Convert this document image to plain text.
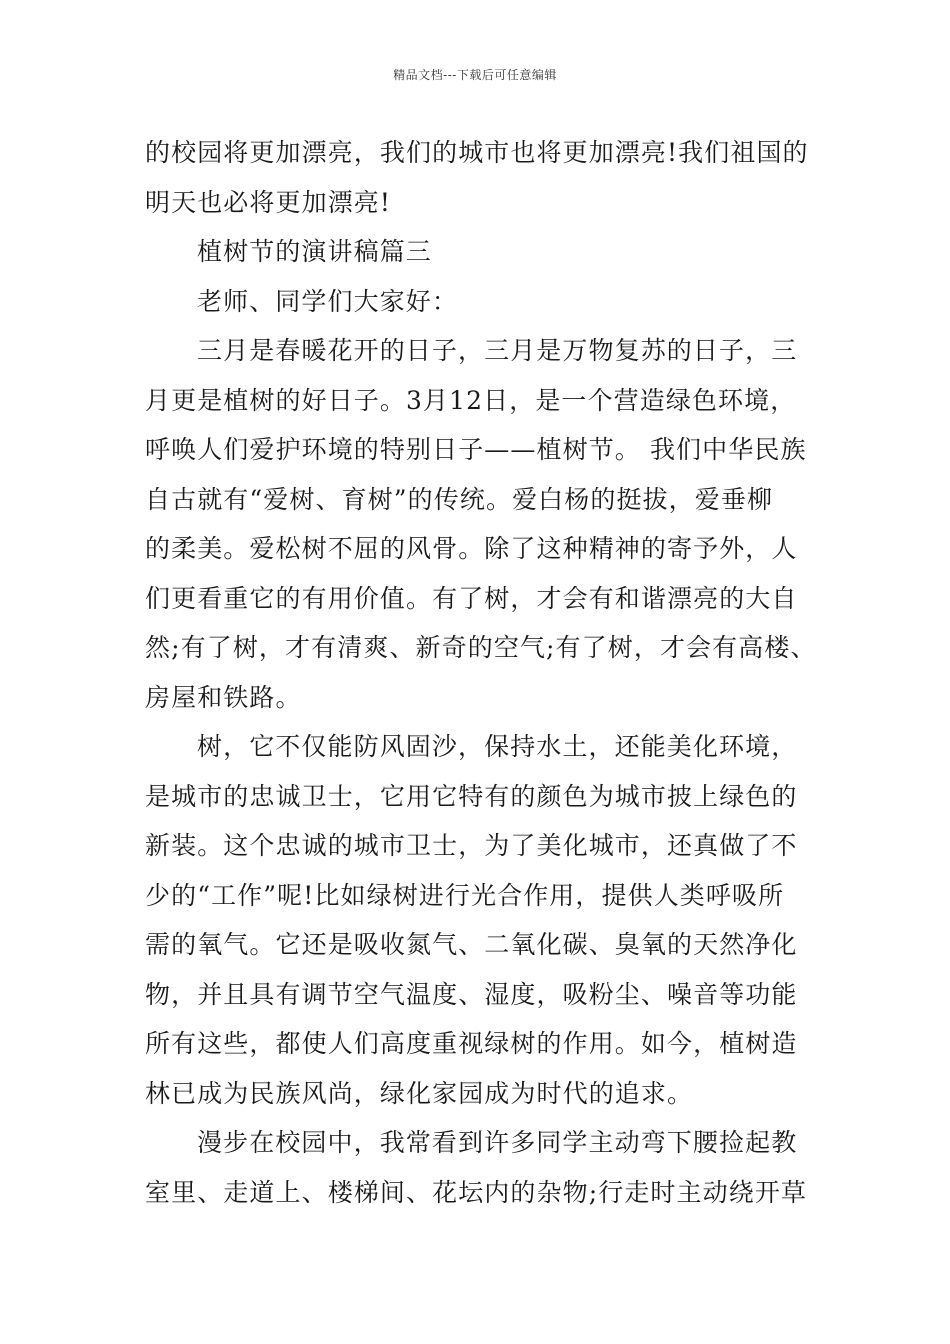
精品文档---下载后可任意编辑
的校园将更加漂亮，我们的城市也将更加漂亮!我们祖国的
明天也必将更加漂亮!
植树节的演讲稿篇三
老师、同学们大家好：
三月是春暖花开的日子，三月是万物复苏的日子，三
月更是植树的好日子。3月12日，是一个营造绿色环境，
呼唤人们爱护环境的特别日子——植树节。 我们中华民族
自古就有“爱树、育树”的传统。爱白杨的挺拔，爱垂柳
的柔美。爱松树不屈的风骨。除了这种精神的寄予外，人
们更看重它的有用价值。有了树，才会有和谐漂亮的大自
然;有了树，才有清爽、新奇的空气;有了树，才会有高楼、
房屋和铁路。
树，它不仅能防风固沙，保持水土，还能美化环境，
是城市的忠诚卫士，它用它特有的颜色为城市披上绿色的
新装。这个忠诚的城市卫士，为了美化城市，还真做了不
少的“工作”呢!比如绿树进行光合作用，提供人类呼吸所
需的氧气。它还是吸收氮气、二氧化碳、臭氧的天然净化
物，并且具有调节空气温度、湿度，吸粉尘、噪音等功能
所有这些，都使人们高度重视绿树的作用。如今，植树造
林已成为民族风尚，绿化家园成为时代的追求。
漫步在校园中，我常看到许多同学主动弯下腰捡起教
室里、走道上、楼梯间、花坛内的杂物;行走时主动绕开草
